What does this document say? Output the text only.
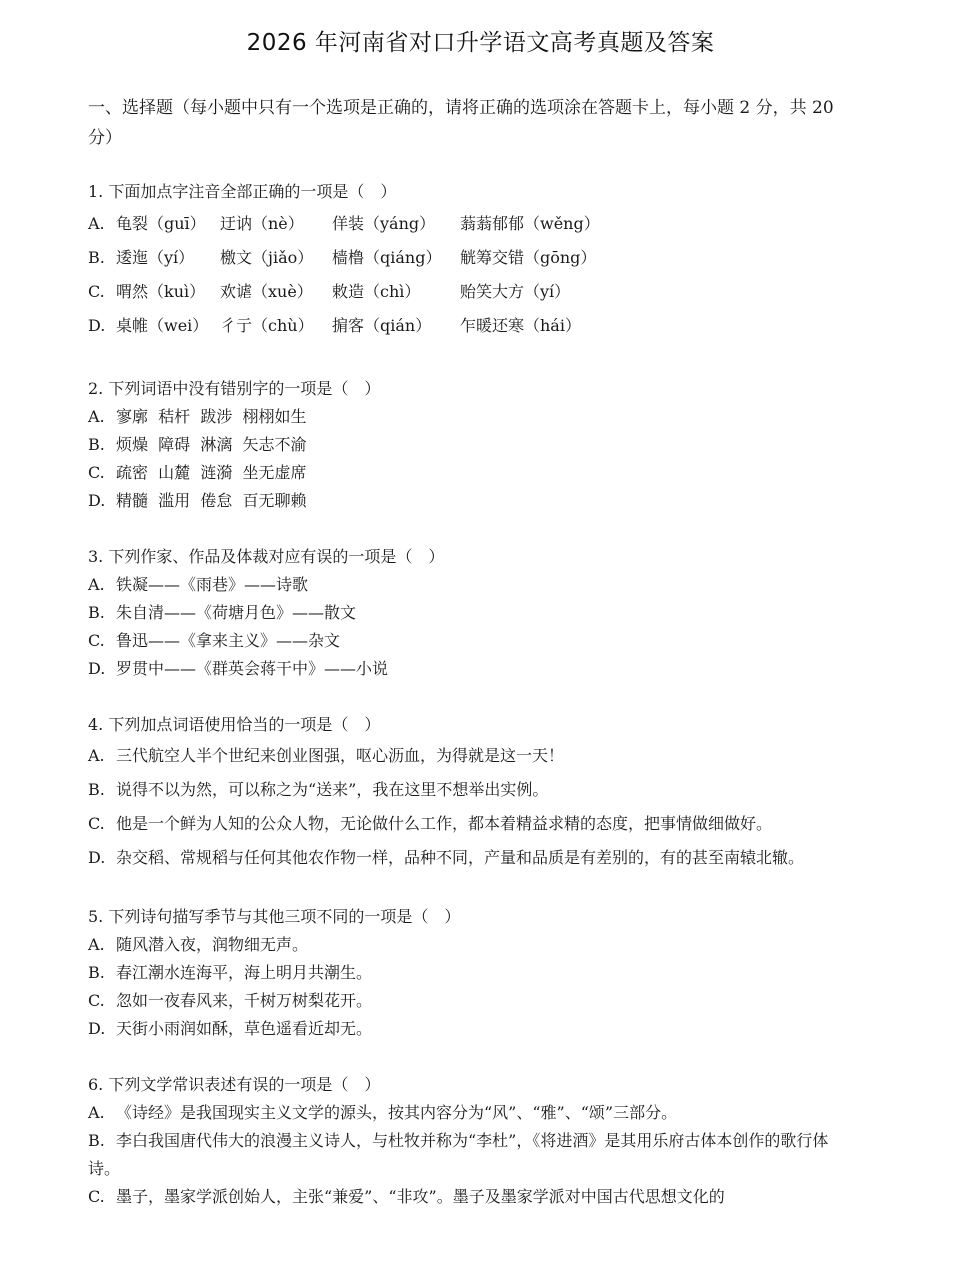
2026 年河南省对口升学语文高考真题及答案
一、选择题（每小题中只有一个选项是正确的，请将正确的选项涂在答题卡上，每小题 2 分，共 20 分）
1. 下面加点字注音全部正确的一项是（　）
A. 龟裂（guī） 迂讷（nè）	佯装（yáng）	蓊蓊郁郁（wěng）
B. 逶迤（yí）	檄文（jiǎo）	樯橹（qiáng）	觥筹交错（gōng）
C. 喟然（kuì） 欢谑（xuè）	敕造（chì）	贻笑大方（yí）
D. 桌帷（wei） 彳亍（chù）	掮客（qián）	乍暖还寒（hái）
2. 下列词语中没有错别字的一项是（　）
A. 寥廓  秸杆  跋涉  栩栩如生
B. 烦燥  障碍  淋漓  矢志不渝
C. 疏密  山麓  涟漪  坐无虚席
D. 精髓  滥用  倦怠  百无聊赖
3. 下列作家、作品及体裁对应有误的一项是（　）
A. 铁凝——《雨巷》——诗歌
B. 朱自清——《荷塘月色》——散文
C. 鲁迅——《拿来主义》——杂文
D. 罗贯中——《群英会蒋干中》——小说
4. 下列加点词语使用恰当的一项是（　）
A. 三代航空人半个世纪来创业图强，呕心沥血，为得就是这一天！
B. 说得不以为然，可以称之为“送来”，我在这里不想举出实例。
C. 他是一个鲜为人知的公众人物，无论做什么工作，都本着精益求精的态度，把事情做细做好。
D. 杂交稻、常规稻与任何其他农作物一样，品种不同，产量和品质是有差别的，有的甚至南辕北辙。
5. 下列诗句描写季节与其他三项不同的一项是（　）
A. 随风潜入夜，润物细无声。
B. 春江潮水连海平，海上明月共潮生。
C. 忽如一夜春风来，千树万树梨花开。
D. 天街小雨润如酥，草色遥看近却无。
6. 下列文学常识表述有误的一项是（　）
A. 《诗经》是我国现实主义文学的源头，按其内容分为“风”、“雅”、“颂”三部分。
B. 李白我国唐代伟大的浪漫主义诗人，与杜牧并称为“李杜”，《将进酒》是其用乐府古体本创作的歌行体诗。
C. 墨子，墨家学派创始人，主张“兼爱”、“非攻”。墨子及墨家学派对中国古代思想文化的
